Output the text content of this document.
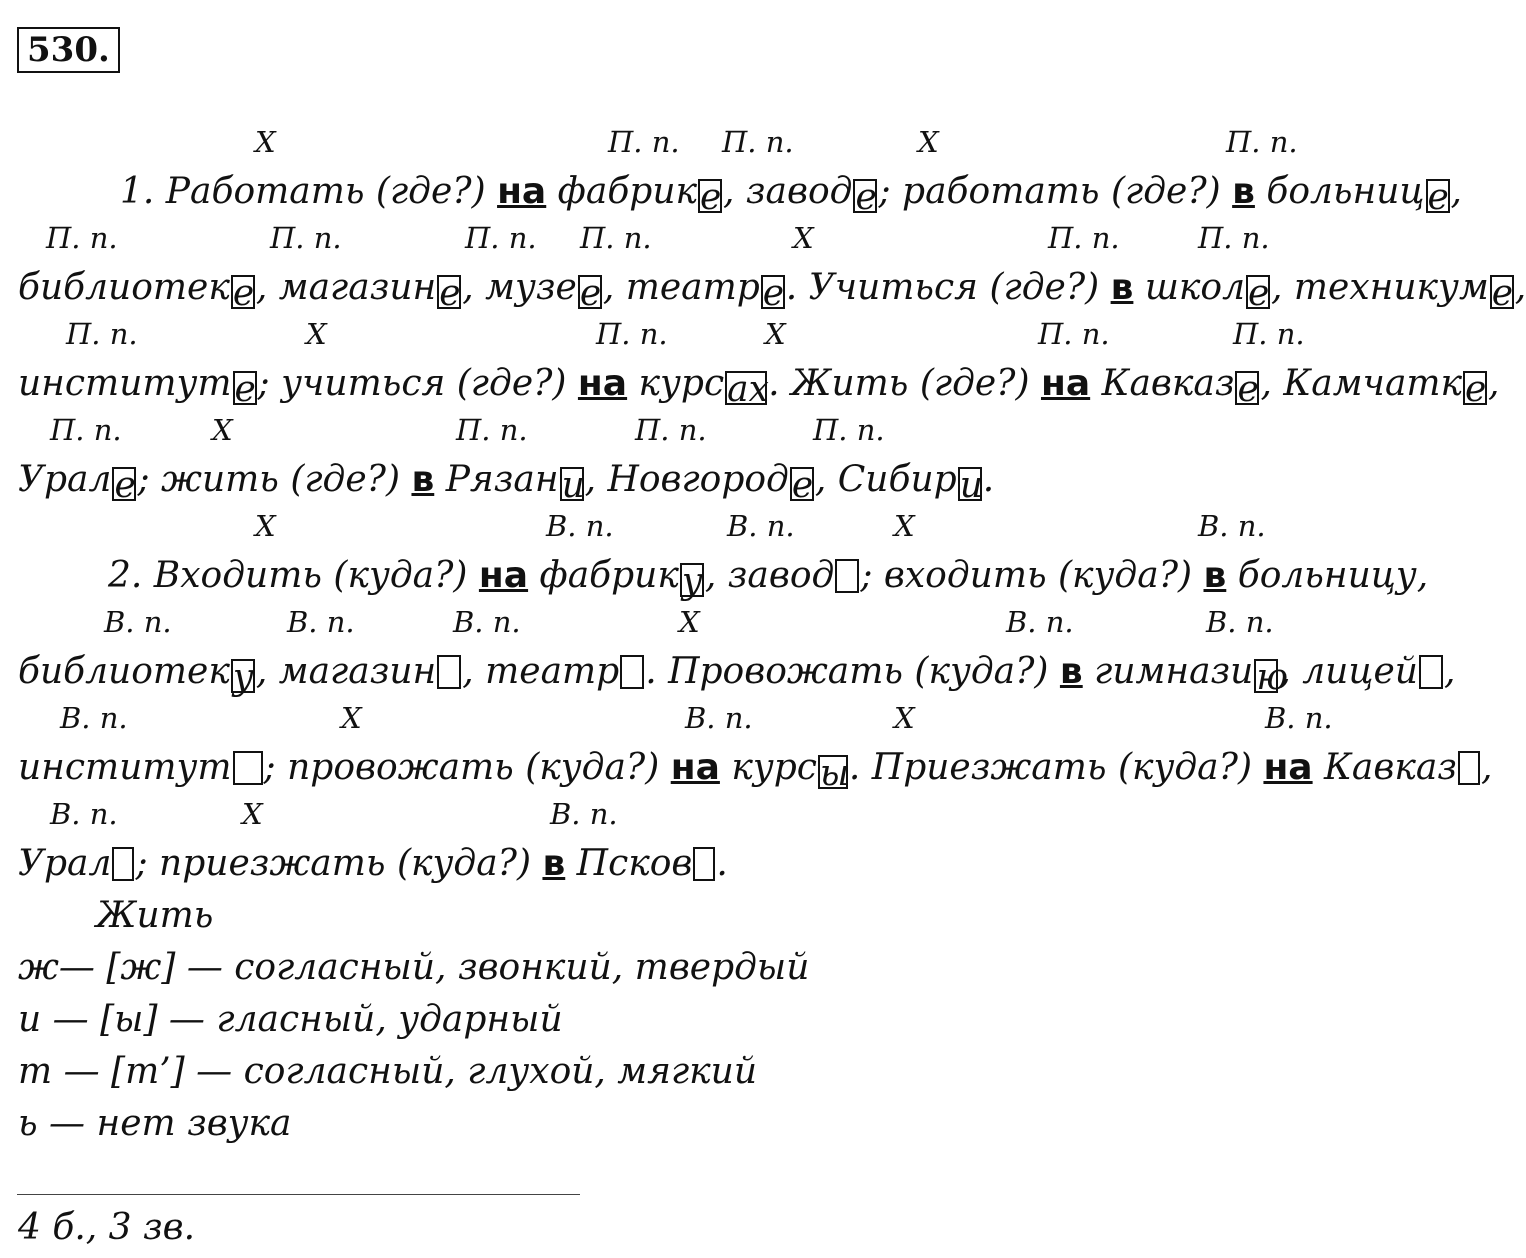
530.
Х	П. п. П. п.	Х	П. п.
1. Работать (где?) на фабрике, заводе; работать (где?) в больнице,
П. п.	П. п.	П. п. П. п.	Х	П. п.	П. п.
библиотеке, магазине, музее, театре. Учиться (где?) в школе, техникуме,
П. п.	Х	П. п.	Х	П. п.	П. п.
институте; учиться (где?) на курсах. Жить (где?) на Кавказе, Камчатке,
П. п.	Х	П. п.	П. п.	П. п.
Урале; жить (где?) в Рязани, Новгороде, Сибири.
Х	В. п.	В. п.	Х	В. п.
2. Входить (куда?) на фабрику, завод ; входить (куда?) в больницу,
В. п.	В. п.	В. п.	Х	В. п.	В. п.
библиотеку, магазин , театр . Провожать (куда?) в гимназию, лицей ,
В. п.	Х	В. п.	Х	В. п.
институт ; провожать (куда?) на курсы. Приезжать (куда?) на Кавказ ,
В. п.	Х	В. п.
Урал ; приезжать (куда?) в Псков .
Жить
ж— [ж] — согласный, звонкий, твердый
и — [ы] — гласный, ударный
т — [т’] — согласный, глухой, мягкий
ь — нет звука
4 б., 3 зв.
